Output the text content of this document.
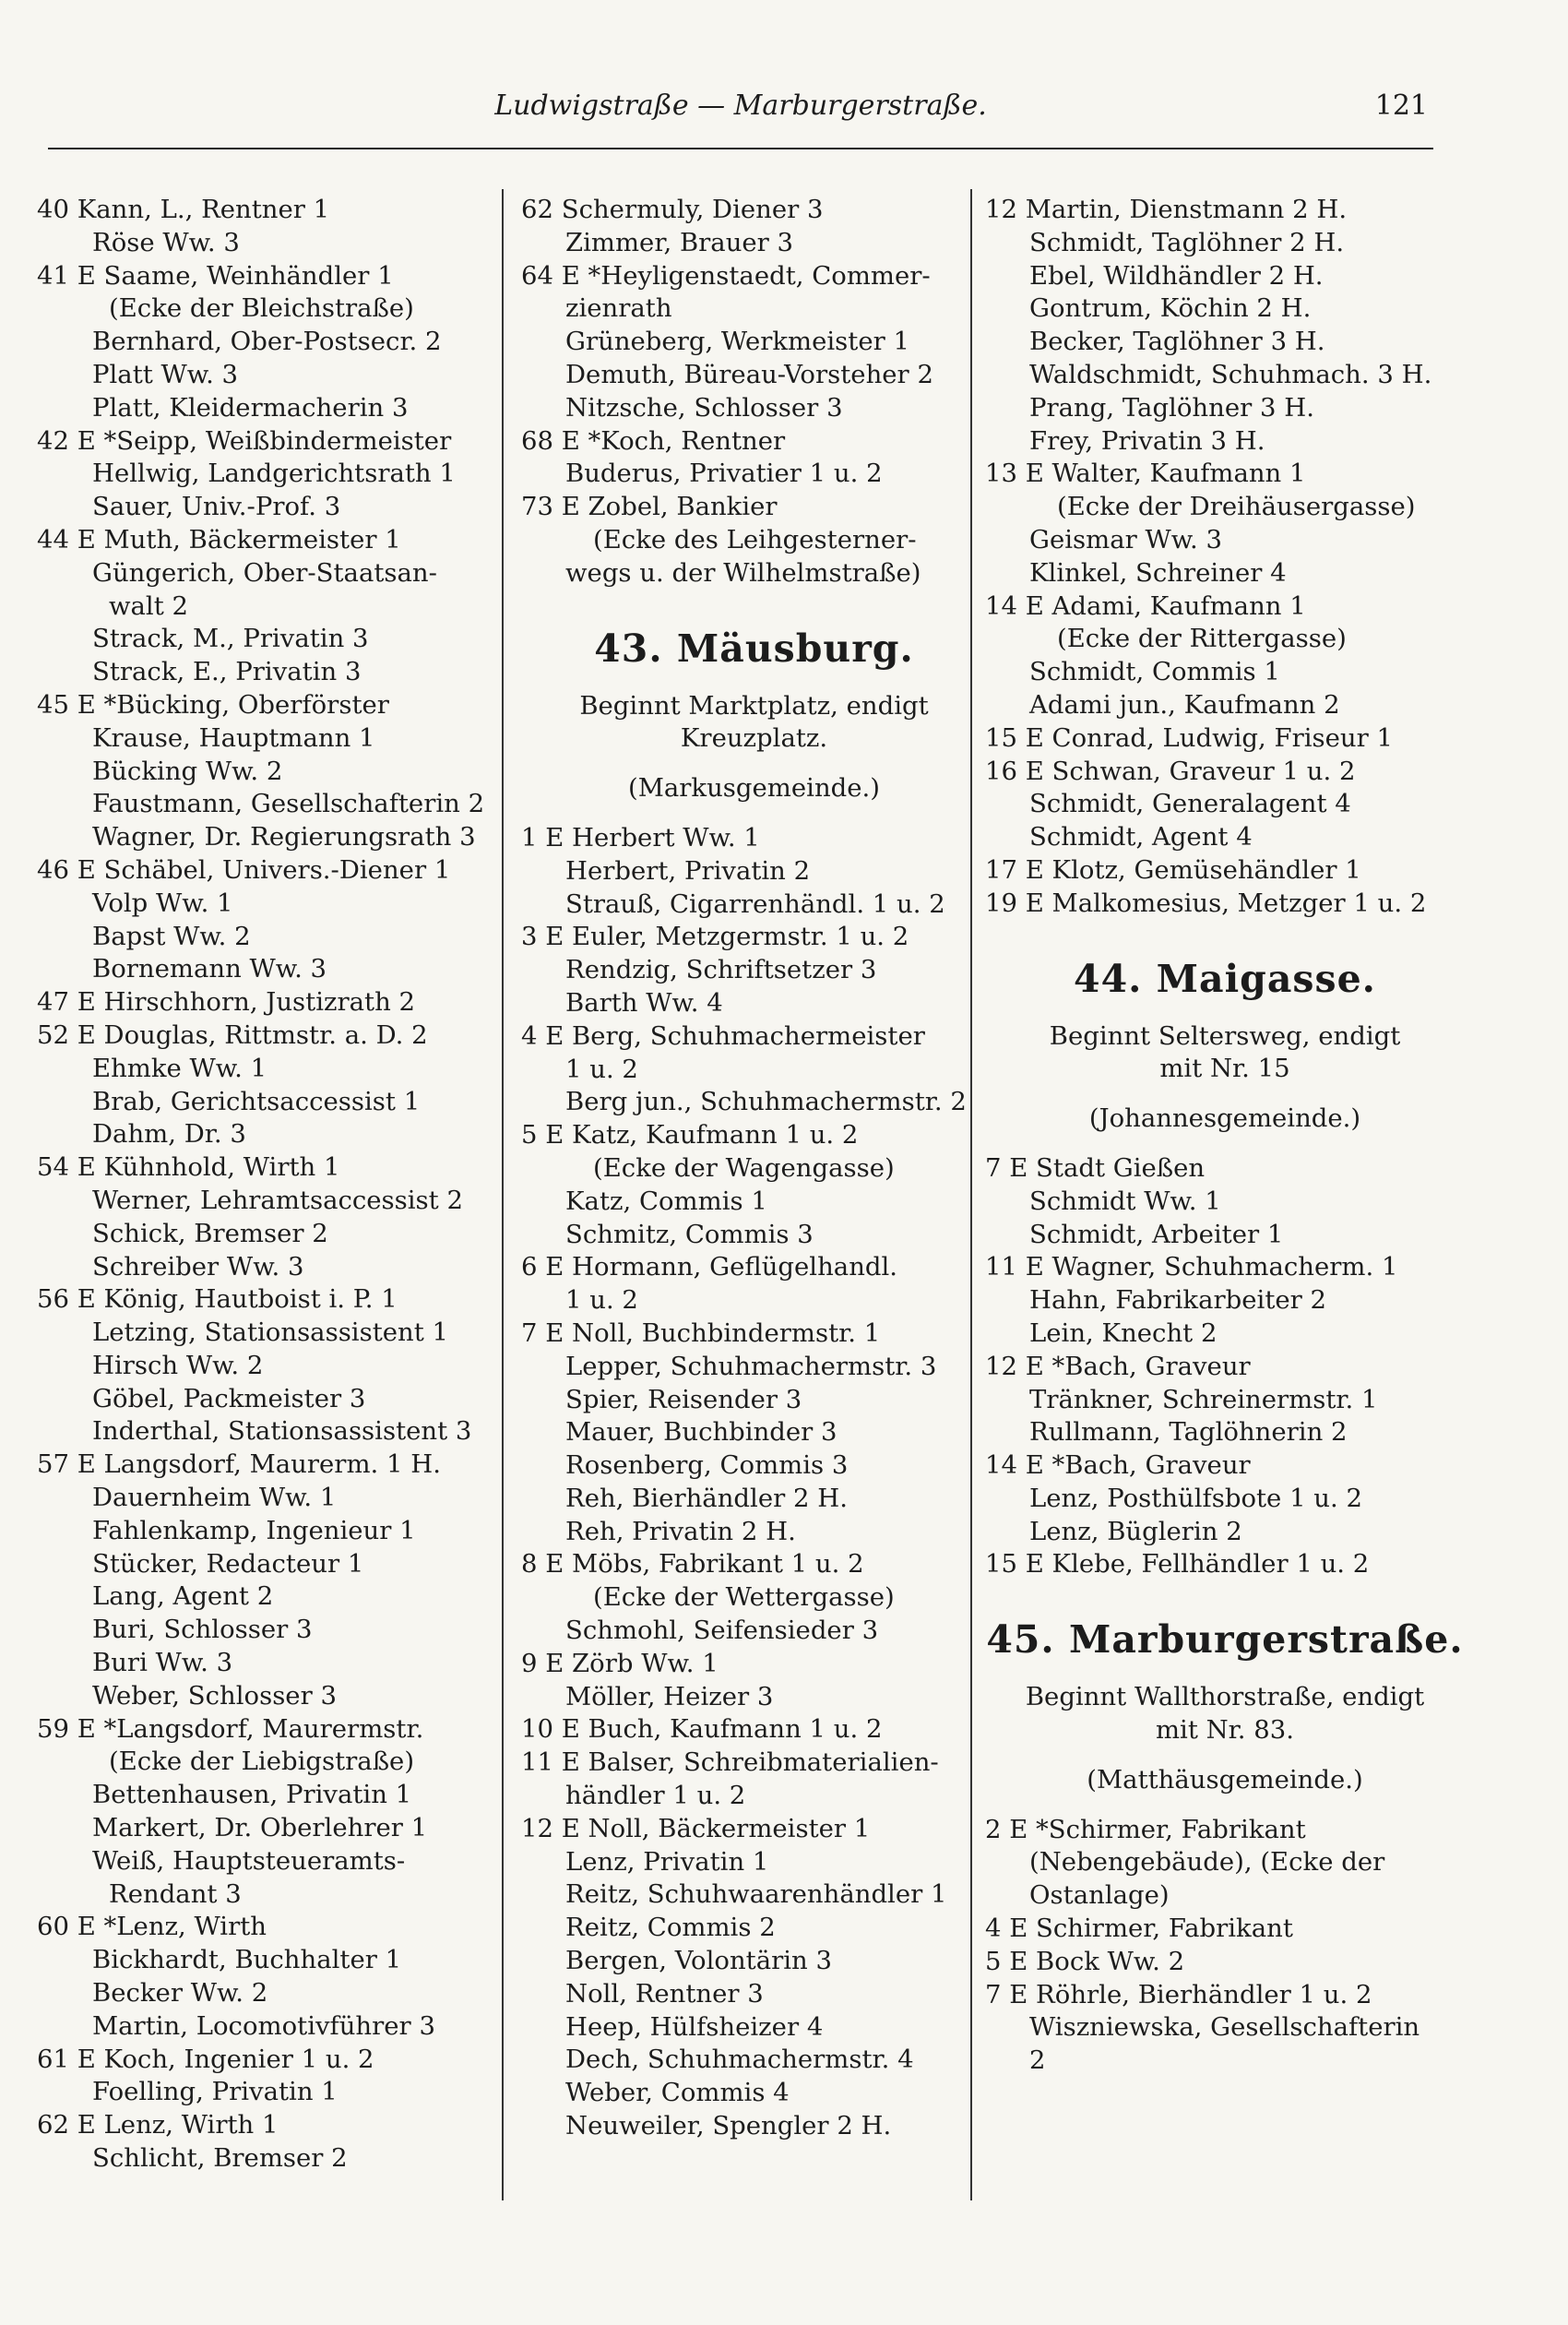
Ludwigstraße — Marburgerstraße.	121
40 Kann, L., Rentner 1
Röse Ww. 3
41 E Saame, Weinhändler 1
(Ecke der Bleichstraße)
Bernhard, Ober-Postsecr. 2
Platt Ww. 3
Platt, Kleidermacherin 3
42 E *Seipp, Weißbindermeister
Hellwig, Landgerichtsrath 1
Sauer, Univ.-Prof. 3
44 E Muth, Bäckermeister 1
Güngerich, Ober-Staatsan-
walt 2
Strack, M., Privatin 3
Strack, E., Privatin 3
45 E *Bücking, Oberförster
Krause, Hauptmann 1
Bücking Ww. 2
Faustmann, Gesellschafterin 2
Wagner, Dr. Regierungsrath 3
46 E Schäbel, Univers.-Diener 1
Volp Ww. 1
Bapst Ww. 2
Bornemann Ww. 3
47 E Hirschhorn, Justizrath 2
52 E Douglas, Rittmstr. a. D. 2
Ehmke Ww. 1
Brab, Gerichtsaccessist 1
Dahm, Dr. 3
54 E Kühnhold, Wirth 1
Werner, Lehramtsaccessist 2
Schick, Bremser 2
Schreiber Ww. 3
56 E König, Hautboist i. P. 1
Letzing, Stationsassistent 1
Hirsch Ww. 2
Göbel, Packmeister 3
Inderthal, Stationsassistent 3
57 E Langsdorf, Maurerm. 1 H.
Dauernheim Ww. 1
Fahlenkamp, Ingenieur 1
Stücker, Redacteur 1
Lang, Agent 2
Buri, Schlosser 3
Buri Ww. 3
Weber, Schlosser 3
59 E *Langsdorf, Maurermstr.
(Ecke der Liebigstraße)
Bettenhausen, Privatin 1
Markert, Dr. Oberlehrer 1
Weiß, Hauptsteueramts-
Rendant 3
60 E *Lenz, Wirth
Bickhardt, Buchhalter 1
Becker Ww. 2
Martin, Locomotivführer 3
61 E Koch, Ingenier 1 u. 2
Foelling, Privatin 1
62 E Lenz, Wirth 1
Schlicht, Bremser 2
62 Schermuly, Diener 3
Zimmer, Brauer 3
64 E *Heyligenstaedt, Commer-
zienrath
Grüneberg, Werkmeister 1
Demuth, Büreau-Vorsteher 2
Nitzsche, Schlosser 3
68 E *Koch, Rentner
Buderus, Privatier 1 u. 2
73 E Zobel, Bankier
(Ecke des Leihgesterner-
wegs u. der Wilhelmstraße)
43. Mäusburg.
Beginnt Marktplatz, endigt
Kreuzplatz.
(Markusgemeinde.)
1 E Herbert Ww. 1
Herbert, Privatin 2
Strauß, Cigarrenhändl. 1 u. 2
3 E Euler, Metzgermstr. 1 u. 2
Rendzig, Schriftsetzer 3
Barth Ww. 4
4 E Berg, Schuhmachermeister
1 u. 2
Berg jun., Schuhmachermstr. 2
5 E Katz, Kaufmann 1 u. 2
(Ecke der Wagengasse)
Katz, Commis 1
Schmitz, Commis 3
6 E Hormann, Geflügelhandl.
1 u. 2
7 E Noll, Buchbindermstr. 1
Lepper, Schuhmachermstr. 3
Spier, Reisender 3
Mauer, Buchbinder 3
Rosenberg, Commis 3
Reh, Bierhändler 2 H.
Reh, Privatin 2 H.
8 E Möbs, Fabrikant 1 u. 2
(Ecke der Wettergasse)
Schmohl, Seifensieder 3
9 E Zörb Ww. 1
Möller, Heizer 3
10 E Buch, Kaufmann 1 u. 2
11 E Balser, Schreibmaterialien-
händler 1 u. 2
12 E Noll, Bäckermeister 1
Lenz, Privatin 1
Reitz, Schuhwaarenhändler 1
Reitz, Commis 2
Bergen, Volontärin 3
Noll, Rentner 3
Heep, Hülfsheizer 4
Dech, Schuhmachermstr. 4
Weber, Commis 4
Neuweiler, Spengler 2 H.
12 Martin, Dienstmann 2 H.
Schmidt, Taglöhner 2 H.
Ebel, Wildhändler 2 H.
Gontrum, Köchin 2 H.
Becker, Taglöhner 3 H.
Waldschmidt, Schuhmach. 3 H.
Prang, Taglöhner 3 H.
Frey, Privatin 3 H.
13 E Walter, Kaufmann 1
(Ecke der Dreihäusergasse)
Geismar Ww. 3
Klinkel, Schreiner 4
14 E Adami, Kaufmann 1
(Ecke der Rittergasse)
Schmidt, Commis 1
Adami jun., Kaufmann 2
15 E Conrad, Ludwig, Friseur 1
16 E Schwan, Graveur 1 u. 2
Schmidt, Generalagent 4
Schmidt, Agent 4
17 E Klotz, Gemüsehändler 1
19 E Malkomesius, Metzger 1 u. 2
44. Maigasse.
Beginnt Seltersweg, endigt
mit Nr. 15
(Johannesgemeinde.)
7 E Stadt Gießen
Schmidt Ww. 1
Schmidt, Arbeiter 1
11 E Wagner, Schuhmacherm. 1
Hahn, Fabrikarbeiter 2
Lein, Knecht 2
12 E *Bach, Graveur
Tränkner, Schreinermstr. 1
Rullmann, Taglöhnerin 2
14 E *Bach, Graveur
Lenz, Posthülfsbote 1 u. 2
Lenz, Büglerin 2
15 E Klebe, Fellhändler 1 u. 2
45. Marburgerstraße.
Beginnt Wallthorstraße, endigt
mit Nr. 83.
(Matthäusgemeinde.)
2 E *Schirmer, Fabrikant
(Nebengebäude), (Ecke der
Ostanlage)
4 E Schirmer, Fabrikant
5 E Bock Ww. 2
7 E Röhrle, Bierhändler 1 u. 2
Wiszniewska, Gesellschafterin
2
